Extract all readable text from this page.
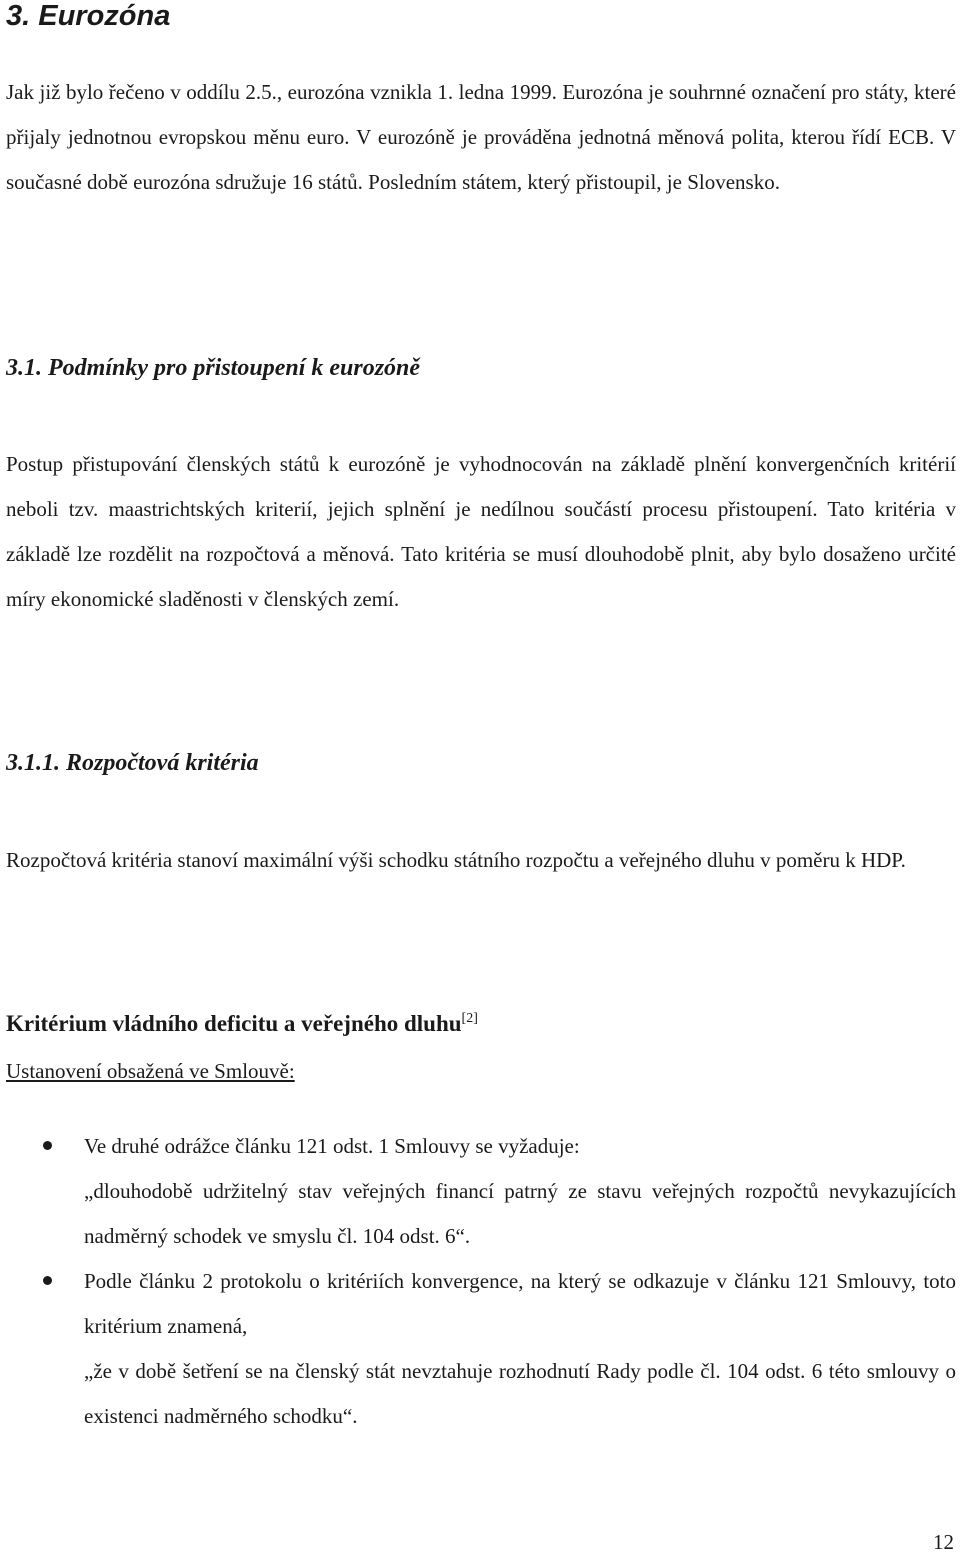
3. Eurozóna

Jak již bylo řečeno v oddílu 2.5., eurozóna vznikla 1. ledna 1999. Eurozóna je souhrnné označení pro státy, které přijaly jednotnou evropskou měnu euro. V eurozóně je prováděna jednotná měnová polita, kterou řídí ECB. V současné době eurozóna sdružuje 16 států. Posledním státem, který přistoupil, je Slovensko.

3.1. Podmínky pro přistoupení k eurozóně

Postup přistupování členských států k eurozóně je vyhodnocován na základě plnění konvergenčních kritérií neboli tzv. maastrichtských kriterií, jejich splnění je nedílnou součástí procesu přistoupení. Tato kritéria v základě lze rozdělit na rozpočtová a měnová. Tato kritéria se musí dlouhodobě plnit, aby bylo dosaženo určité míry ekonomické sladěnosti v členských zemí.

3.1.1. Rozpočtová kritéria

Rozpočtová kritéria stanoví maximální výši schodku státního rozpočtu a veřejného dluhu v poměru k HDP.

Kritérium vládního deficitu a veřejného dluhu[2]

Ustanovení obsažená ve Smlouvě:

Ve druhé odrážce článku 121 odst. 1 Smlouvy se vyžaduje:

„dlouhodobě udržitelný stav veřejných financí patrný ze stavu veřejných rozpočtů nevykazujících nadměrný schodek ve smyslu čl. 104 odst. 6“.

Podle článku 2 protokolu o kritériích konvergence, na který se odkazuje v článku 121 Smlouvy, toto kritérium znamená,

„že v době šetření se na členský stát nevztahuje rozhodnutí Rady podle čl. 104 odst. 6 této smlouvy o existenci nadměrného schodku“.

12
